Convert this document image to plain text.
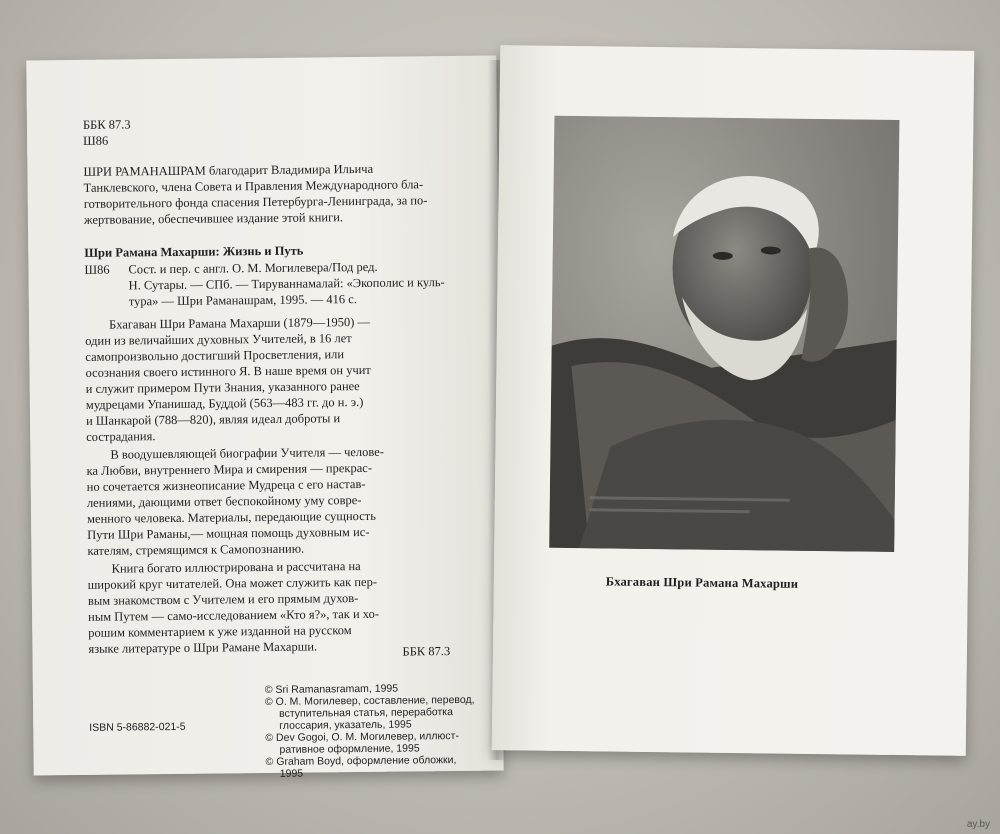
ББК 87.3
Ш86
ШРИ РАМАНАШРАМ благодарит Владимира Ильича
Танклевского, члена Совета и Правления Международного бла-
готворительного фонда спасения Петербурга-Ленинграда, за по-
жертвование, обеспечившее издание этой книги.
Шри Рамана Махарши: Жизнь и Путь
Ш86 Сост. и пер. с англ. О. М. Могилевера/Под ред.
Н. Сутары. — СПб. — Тируваннамалай: «Экополис и куль-
тура» — Шри Раманашрам, 1995. — 416 с.
Бхагаван Шри Рамана Махарши (1879—1950) —
один из величайших духовных Учителей, в 16 лет
самопроизвольно достигший Просветления, или
осознания своего истинного Я. В наше время он учит
и служит примером Пути Знания, указанного ранее
мудрецами Упанишад, Буддой (563—483 гг. до н. э.)
и Шанкарой (788—820), являя идеал доброты и
сострадания.
В воодушевляющей биографии Учителя — челове-
ка Любви, внутреннего Мира и смирения — прекрас-
но сочетается жизнеописание Мудреца с его настав-
лениями, дающими ответ беспокойному уму совре-
менного человека. Материалы, передающие сущность
Пути Шри Раманы,— мощная помощь духовным ис-
кателям, стремящимся к Самопознанию.
Книга богато иллюстрирована и рассчитана на
широкий круг читателей. Она может служить как пер-
вым знакомством с Учителем и его прямым духов-
ным Путем — само-исследованием «Кто я?», так и хо-
рошим комментарием к уже изданной на русском
языке литературе о Шри Рамане Махарши.	ББК 87.3
© Sri Ramanasramam, 1995
© О. М. Могилевер, составление, перевод,
вступительная статья, переработка
глоссария, указатель, 1995
© Dev Gogoi, О. М. Могилевер, иллюст-
ративное оформление, 1995
© Graham Boyd, оформление обложки,
1995
ISBN 5-86882-021-5
Бхагаван Шри Рамана Махарши
ay.by
